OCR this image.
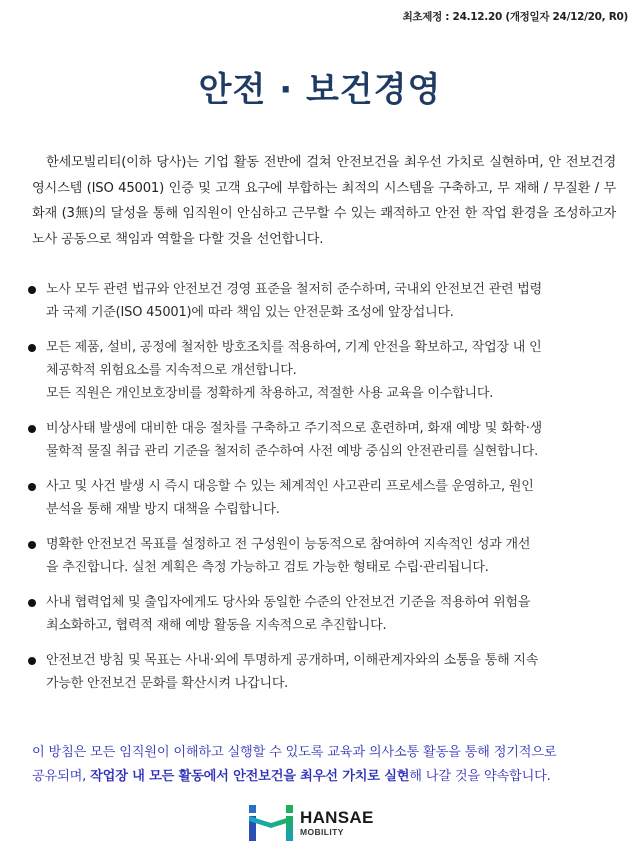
최초제정 : 24.12.20 (개정일자 24/12/20, R0)
안전 · 보건경영
한세모빌리티(이하 당사)는 기업 활동 전반에 걸쳐 안전보건을 최우선 가치로 실현하며, 안 전보건경영시스템 (ISO 45001) 인증 및 고객 요구에 부합하는 최적의 시스템을 구축하고, 무 재해 / 무질환 / 무화재 (3無)의 달성을 통해 임직원이 안심하고 근무할 수 있는 쾌적하고 안전 한 작업 환경을 조성하고자 노사 공동으로 책임과 역할을 다할 것을 선언합니다.
노사 모두 관련 법규와 안전보건 경영 표준을 철저히 준수하며, 국내외 안전보건 관련 법령
과 국제 기준(ISO 45001)에 따라 책임 있는 안전문화 조성에 앞장섭니다.
모든 제품, 설비, 공정에 철저한 방호조치를 적용하여, 기계 안전을 확보하고, 작업장 내 인
체공학적 위험요소를 지속적으로 개선합니다.
모든 직원은 개인보호장비를 정확하게 착용하고, 적절한 사용 교육을 이수합니다.
비상사태 발생에 대비한 대응 절차를 구축하고 주기적으로 훈련하며, 화재 예방 및 화학·생
물학적 물질 취급 관리 기준을 철저히 준수하여 사전 예방 중심의 안전관리를 실현합니다.
사고 및 사건 발생 시 즉시 대응할 수 있는 체계적인 사고관리 프로세스를 운영하고, 원인
분석을 통해 재발 방지 대책을 수립합니다.
명확한 안전보건 목표를 설정하고 전 구성원이 능동적으로 참여하여 지속적인 성과 개선
을 추진합니다. 실천 계획은 측정 가능하고 검토 가능한 형태로 수립·관리됩니다.
사내 협력업체 및 출입자에게도 당사와 동일한 수준의 안전보건 기준을 적용하여 위험을
최소화하고, 협력적 재해 예방 활동을 지속적으로 추진합니다.
안전보건 방침 및 목표는 사내·외에 투명하게 공개하며, 이해관계자와의 소통을 통해 지속
가능한 안전보건 문화를 확산시켜 나갑니다.
이 방침은 모든 임직원이 이해하고 실행할 수 있도록 교육과 의사소통 활동을 통해 정기적으로
공유되며, 작업장 내 모든 활동에서 안전보건을 최우선 가치로 실현해 나갈 것을 약속합니다.
HANSAE
MOBILITY
